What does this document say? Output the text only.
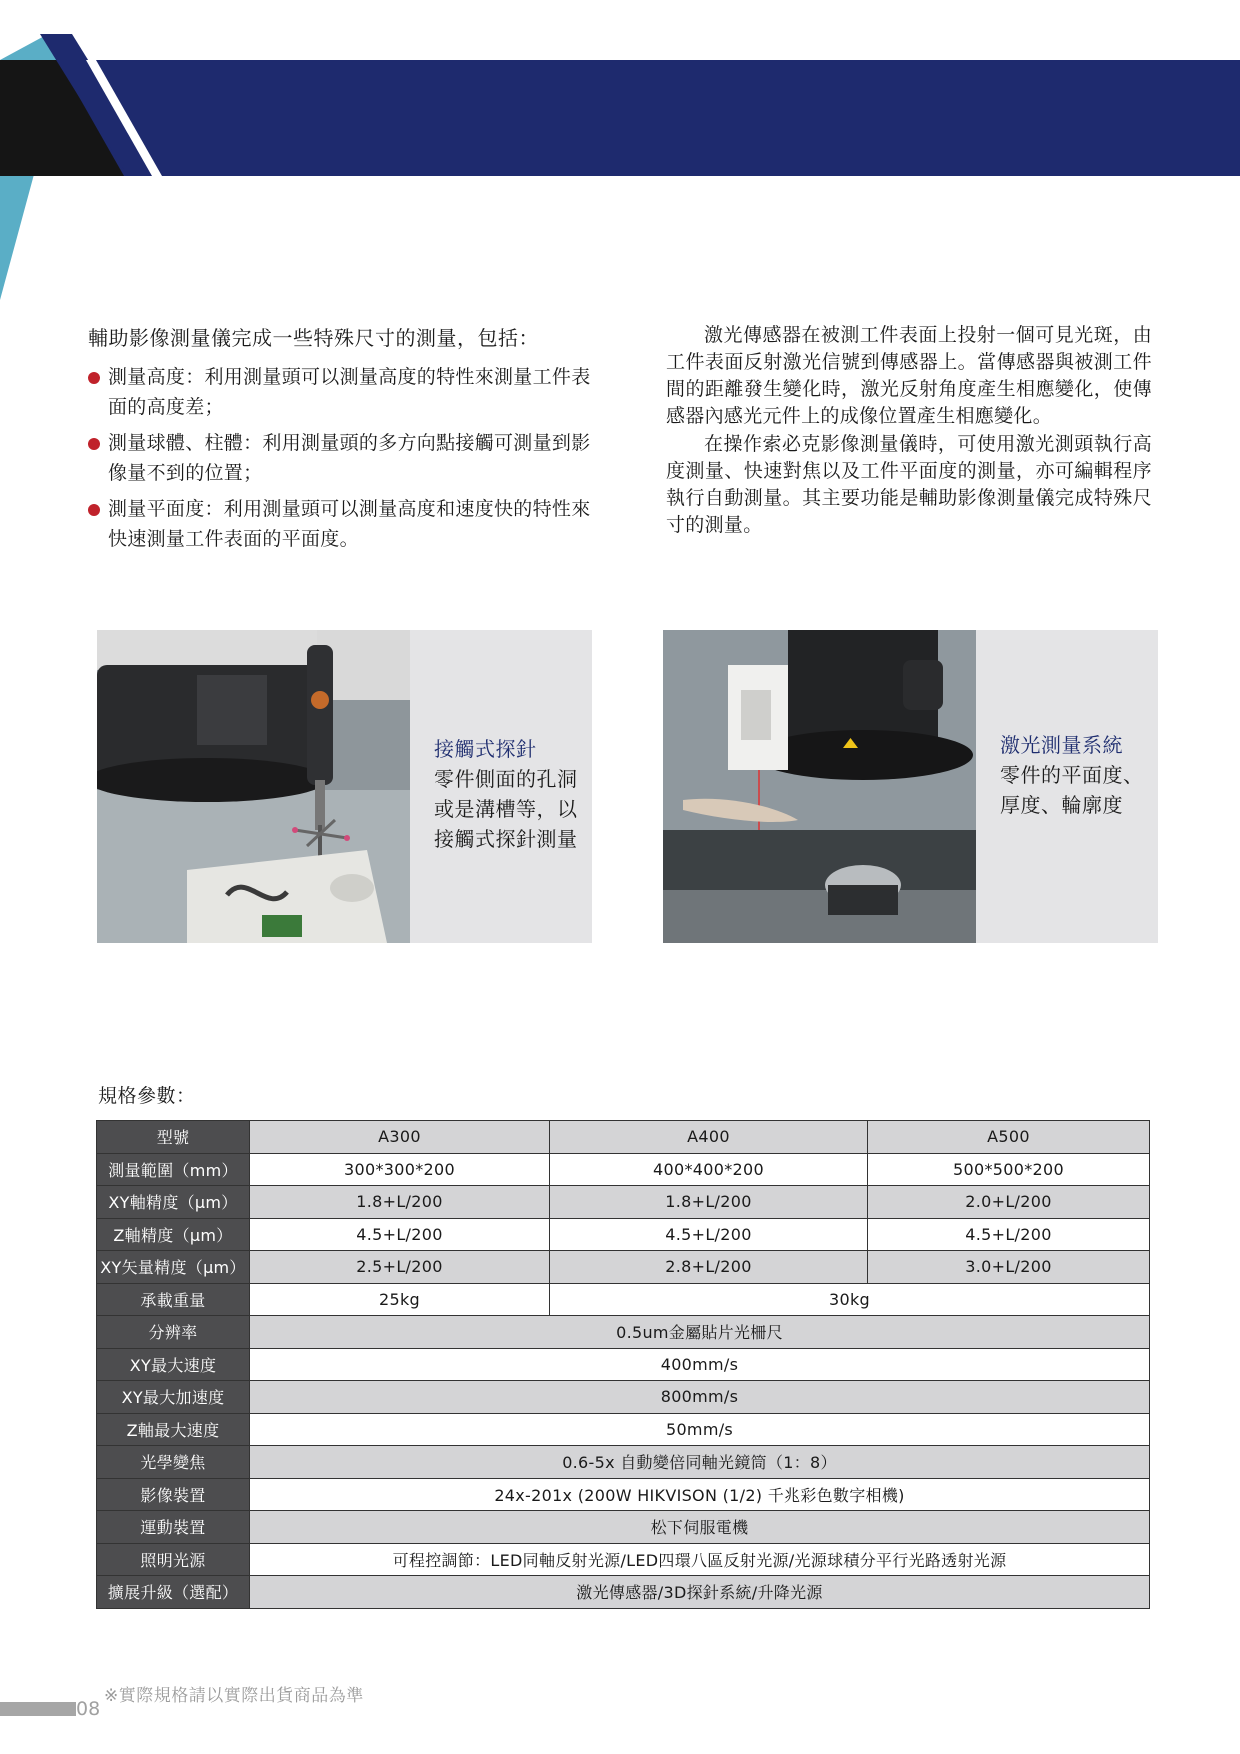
輔助影像測量儀完成一些特殊尺寸的測量，包括：

測量高度：利用測量頭可以測量高度的特性來測量工件表面的高度差；
測量球體、柱體：利用測量頭的多方向點接觸可測量到影像量不到的位置；
測量平面度：利用測量頭可以測量高度和速度快的特性來快速測量工件表面的平面度。

激光傳感器在被測工件表面上投射一個可見光斑，由工件表面反射激光信號到傳感器上。當傳感器與被測工件間的距離發生變化時，激光反射角度產生相應變化，使傳感器內感光元件上的成像位置產生相應變化。

在操作索必克影像測量儀時，可使用激光測頭執行高度測量、快速對焦以及工件平面度的測量，亦可編輯程序執行自動測量。其主要功能是輔助影像測量儀完成特殊尺寸的測量。

接觸式探針
零件側面的孔洞或是溝槽等，以接觸式探針測量
激光測量系統
零件的平面度、厚度、輪廓度
規格參數：
型號	A300	A400	A500
測量範圍（mm）	300*300*200	400*400*200	500*500*200
XY軸精度（μm）	1.8+L/200	1.8+L/200	2.0+L/200
Z軸精度（μm）	4.5+L/200	4.5+L/200	4.5+L/200
XY矢量精度（μm）	2.5+L/200	2.8+L/200	3.0+L/200
承載重量	25kg	30kg	
分辨率	0.5um金屬貼片光柵尺		
XY最大速度	400mm/s		
XY最大加速度	800mm/s		
Z軸最大速度	50mm/s		
光學變焦	0.6-5x 自動變倍同軸光鏡筒（1：8）		
影像裝置	24x-201x (200W HIKVISON (1/2) 千兆彩色數字相機)		
運動裝置	松下伺服電機		
照明光源	可程控調節：LED同軸反射光源/LED四環八區反射光源/光源球積分平行光路透射光源		
擴展升級（選配）	激光傳感器/3D探針系統/升降光源		
※實際規格請以實際出貨商品為準
08
